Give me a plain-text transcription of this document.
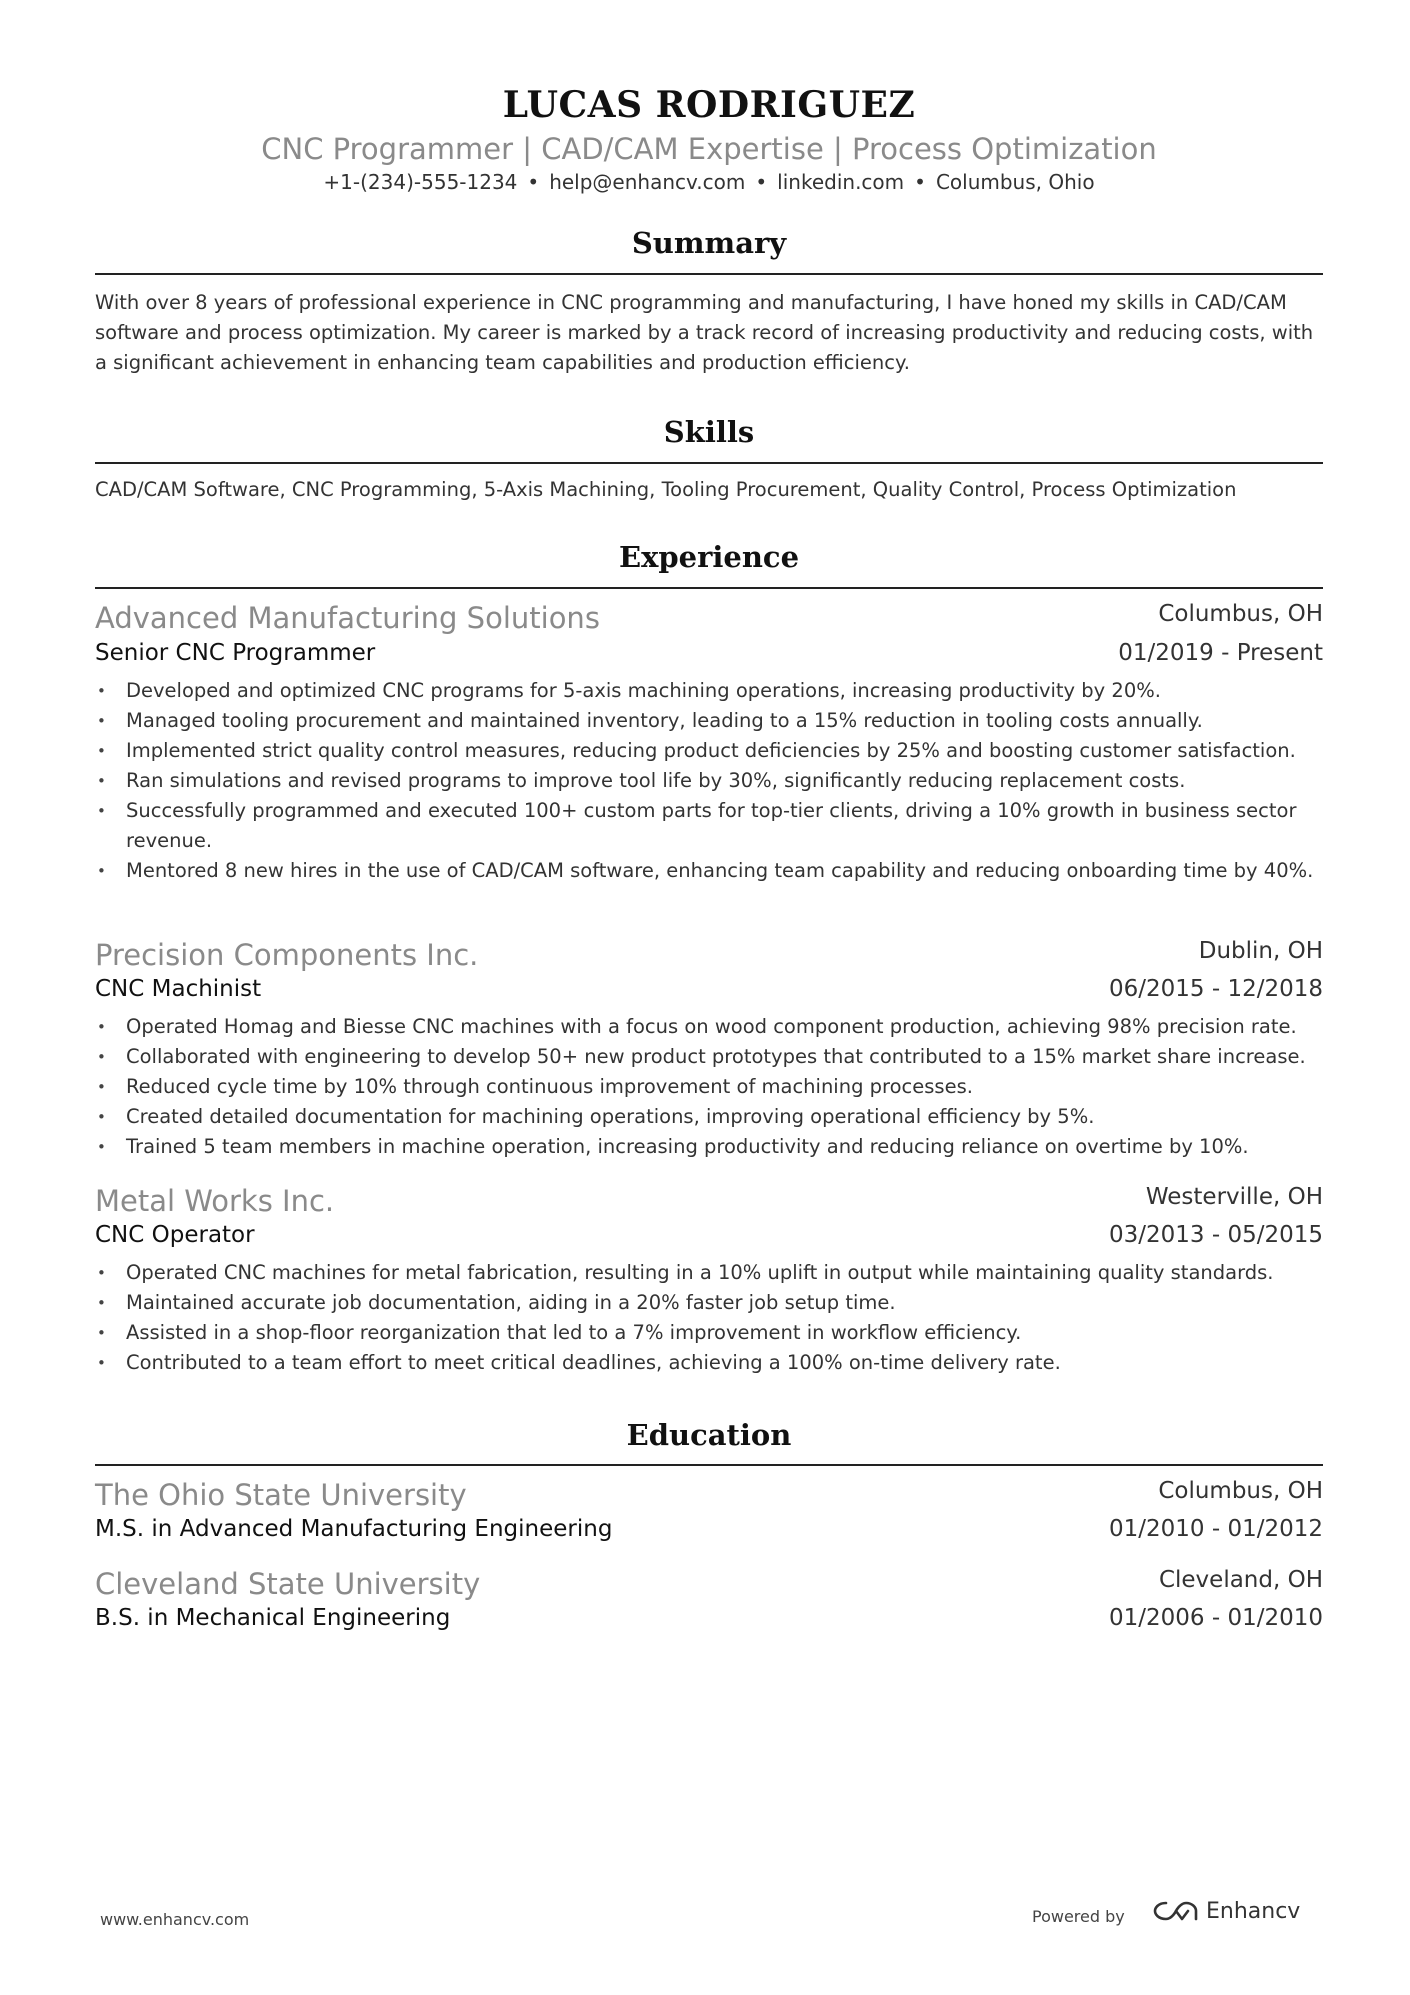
LUCAS RODRIGUEZ
CNC Programmer | CAD/CAM Expertise | Process Optimization
+1-(234)-555-1234 • help@enhancv.com • linkedin.com • Columbus, Ohio
Summary
With over 8 years of professional experience in CNC programming and manufacturing, I have honed my skills in CAD/CAM software and process optimization. My career is marked by a track record of increasing productivity and reducing costs, with a significant achievement in enhancing team capabilities and production efficiency.
Skills
CAD/CAM Software, CNC Programming, 5-Axis Machining, Tooling Procurement, Quality Control, Process Optimization
Experience
Advanced Manufacturing Solutions	Columbus, OH
Senior CNC Programmer	01/2019 - Present
• Developed and optimized CNC programs for 5-axis machining operations, increasing productivity by 20%.
• Managed tooling procurement and maintained inventory, leading to a 15% reduction in tooling costs annually.
• Implemented strict quality control measures, reducing product deficiencies by 25% and boosting customer satisfaction.
• Ran simulations and revised programs to improve tool life by 30%, significantly reducing replacement costs.
• Successfully programmed and executed 100+ custom parts for top-tier clients, driving a 10% growth in business sector revenue.
• Mentored 8 new hires in the use of CAD/CAM software, enhancing team capability and reducing onboarding time by 40%.
Precision Components Inc.	Dublin, OH
CNC Machinist	06/2015 - 12/2018
• Operated Homag and Biesse CNC machines with a focus on wood component production, achieving 98% precision rate.
• Collaborated with engineering to develop 50+ new product prototypes that contributed to a 15% market share increase.
• Reduced cycle time by 10% through continuous improvement of machining processes.
• Created detailed documentation for machining operations, improving operational efficiency by 5%.
• Trained 5 team members in machine operation, increasing productivity and reducing reliance on overtime by 10%.
Metal Works Inc.	Westerville, OH
CNC Operator	03/2013 - 05/2015
• Operated CNC machines for metal fabrication, resulting in a 10% uplift in output while maintaining quality standards.
• Maintained accurate job documentation, aiding in a 20% faster job setup time.
• Assisted in a shop-floor reorganization that led to a 7% improvement in workflow efficiency.
• Contributed to a team effort to meet critical deadlines, achieving a 100% on-time delivery rate.
Education
The Ohio State University	Columbus, OH
M.S. in Advanced Manufacturing Engineering	01/2010 - 01/2012
Cleveland State University	Cleveland, OH
B.S. in Mechanical Engineering	01/2006 - 01/2010
www.enhancv.com	Powered by	Enhancv
